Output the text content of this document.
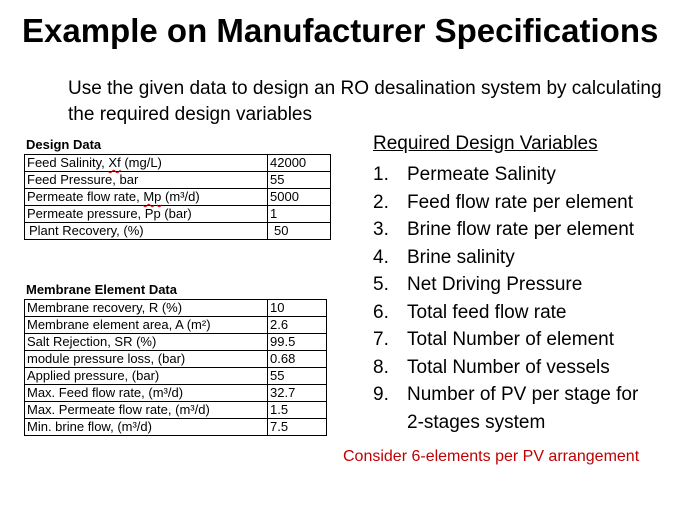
Example on Manufacturer Specifications
Use the given data to design an RO desalination system by calculating the required design variables
Design Data
Feed Salinity, Xf (mg/L)	42000
Feed Pressure, bar	55
Permeate flow rate, Mp (m³/d)	5000
Permeate pressure, Pp (bar)	1
Plant Recovery, (%)	50
Membrane Element Data
Membrane recovery, R (%)	10
Membrane element area, A (m²)	2.6
Salt Rejection, SR (%)	99.5
module pressure loss, (bar)	0.68
Applied pressure, (bar)	55
Max. Feed flow rate, (m³/d)	32.7
Max. Permeate flow rate, (m³/d)	1.5
Min. brine flow, (m³/d)	7.5
Required Design Variables
1. Permeate Salinity
2. Feed flow rate per element
3. Brine flow rate per element
4. Brine salinity
5. Net Driving Pressure
6. Total feed flow rate
7. Total Number of element
8. Total Number of vessels
9. Number of PV per stage for
2-stages system
Consider 6-elements per PV arrangement
